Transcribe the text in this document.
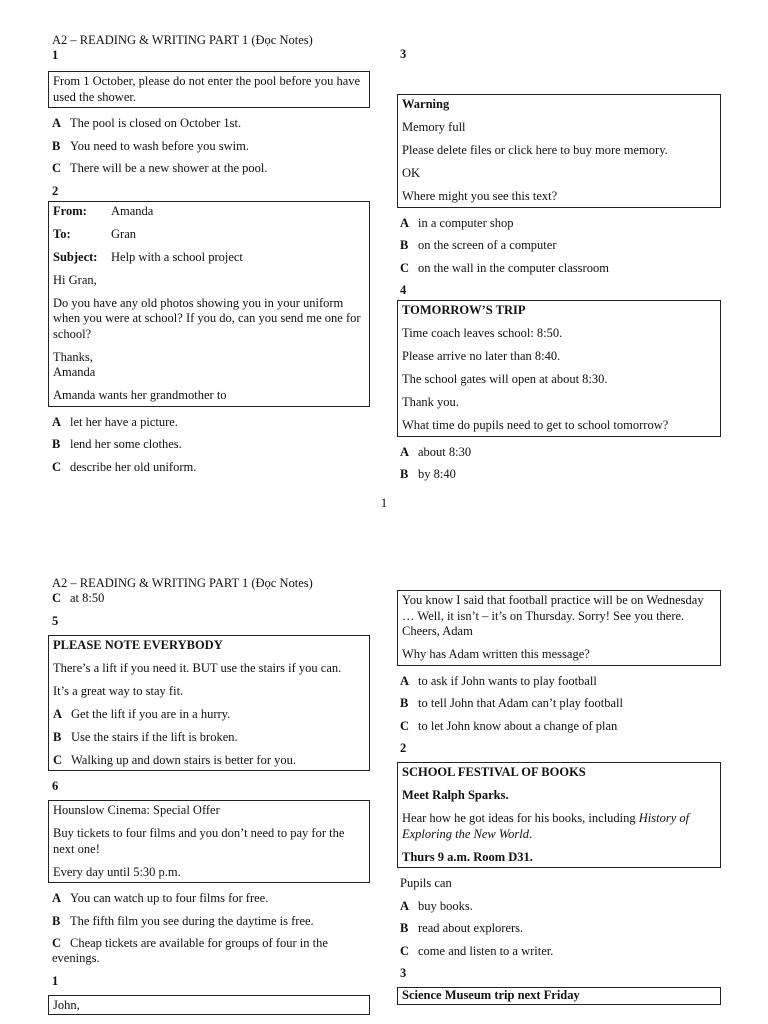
A2 – READING & WRITING PART 1 (Đọc Notes)
1

From 1 October, please do not enter the pool before you have used the shower.

A The pool is closed on October 1st.
B You need to wash before you swim.
C There will be a new shower at the pool.
2

From: Amanda

To:	Gran

Subject: Help with a school project

Hi Gran,

Do you have any old photos showing you in your uniform when you were at school? If you do, can you send me one for school?

Thanks,

Amanda

Amanda wants her grandmother to

A let her have a picture.
B lend her some clothes.
C describe her old uniform.
3

Warning

Memory full

Please delete files or click here to buy more memory.

OK

Where might you see this text?

A in a computer shop
B on the screen of a computer
C on the wall in the computer classroom
4

TOMORROW’S TRIP

Time coach leaves school: 8:50.

Please arrive no later than 8:40.

The school gates will open at about 8:30.

Thank you.

What time do pupils need to get to school tomorrow?

A about 8:30
B by 8:40
1
A2 – READING & WRITING PART 1 (Đọc Notes)
C at 8:50
5

PLEASE NOTE EVERYBODY

There’s a lift if you need it. BUT use the stairs if you can.

It’s a great way to stay fit.

A Get the lift if you are in a hurry.

B Use the stairs if the lift is broken.

C Walking up and down stairs is better for you.

6

Hounslow Cinema: Special Offer

Buy tickets to four films and you don’t need to pay for the next one!

Every day until 5:30 p.m.

A You can watch up to four films for free.
B The fifth film you see during the daytime is free.
C Cheap tickets are available for groups of four in the evenings.
1

John,

You know I said that football practice will be on Wednesday … Well, it isn’t – it’s on Thursday. Sorry! See you there. Cheers, Adam

Why has Adam written this message?

A to ask if John wants to play football
B to tell John that Adam can’t play football
C to let John know about a change of plan
2

SCHOOL FESTIVAL OF BOOKS

Meet Ralph Sparks.

Hear how he got ideas for his books, including History of Exploring the New World.

Thurs 9 a.m. Room D31.

Pupils can
A buy books.
B read about explorers.
C come and listen to a writer.
3

Science Museum trip next Friday
